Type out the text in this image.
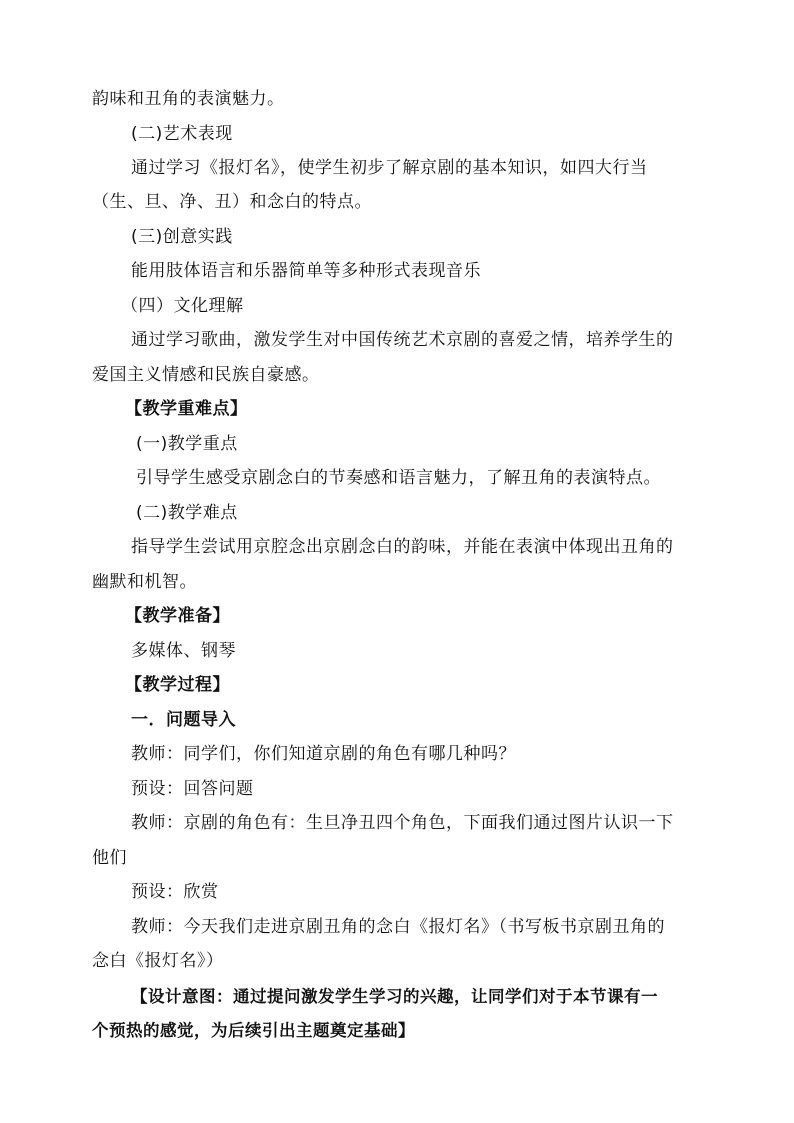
韵味和丑角的表演魅力。
(二)艺术表现
通过学习《报灯名》，使学生初步了解京剧的基本知识，如四大行当
（生、旦、净、丑）和念白的特点。
(三)创意实践
能用肢体语言和乐器简单等多种形式表现音乐
（四）文化理解
通过学习歌曲，激发学生对中国传统艺术京剧的喜爱之情，培养学生的
爱国主义情感和民族自豪感。
【教学重难点】
(一)教学重点
引导学生感受京剧念白的节奏感和语言魅力，了解丑角的表演特点。
(二)教学难点
指导学生尝试用京腔念出京剧念白的韵味，并能在表演中体现出丑角的
幽默和机智。
【教学准备】
多媒体、钢琴
【教学过程】
一．问题导入
教师：同学们，你们知道京剧的角色有哪几种吗？
预设：回答问题
教师：京剧的角色有：生旦净丑四个角色，下面我们通过图片认识一下
他们
预设：欣赏
教师：今天我们走进京剧丑角的念白《报灯名》（书写板书京剧丑角的
念白《报灯名》）
【设计意图：通过提问激发学生学习的兴趣，让同学们对于本节课有一
个预热的感觉，为后续引出主题奠定基础】
